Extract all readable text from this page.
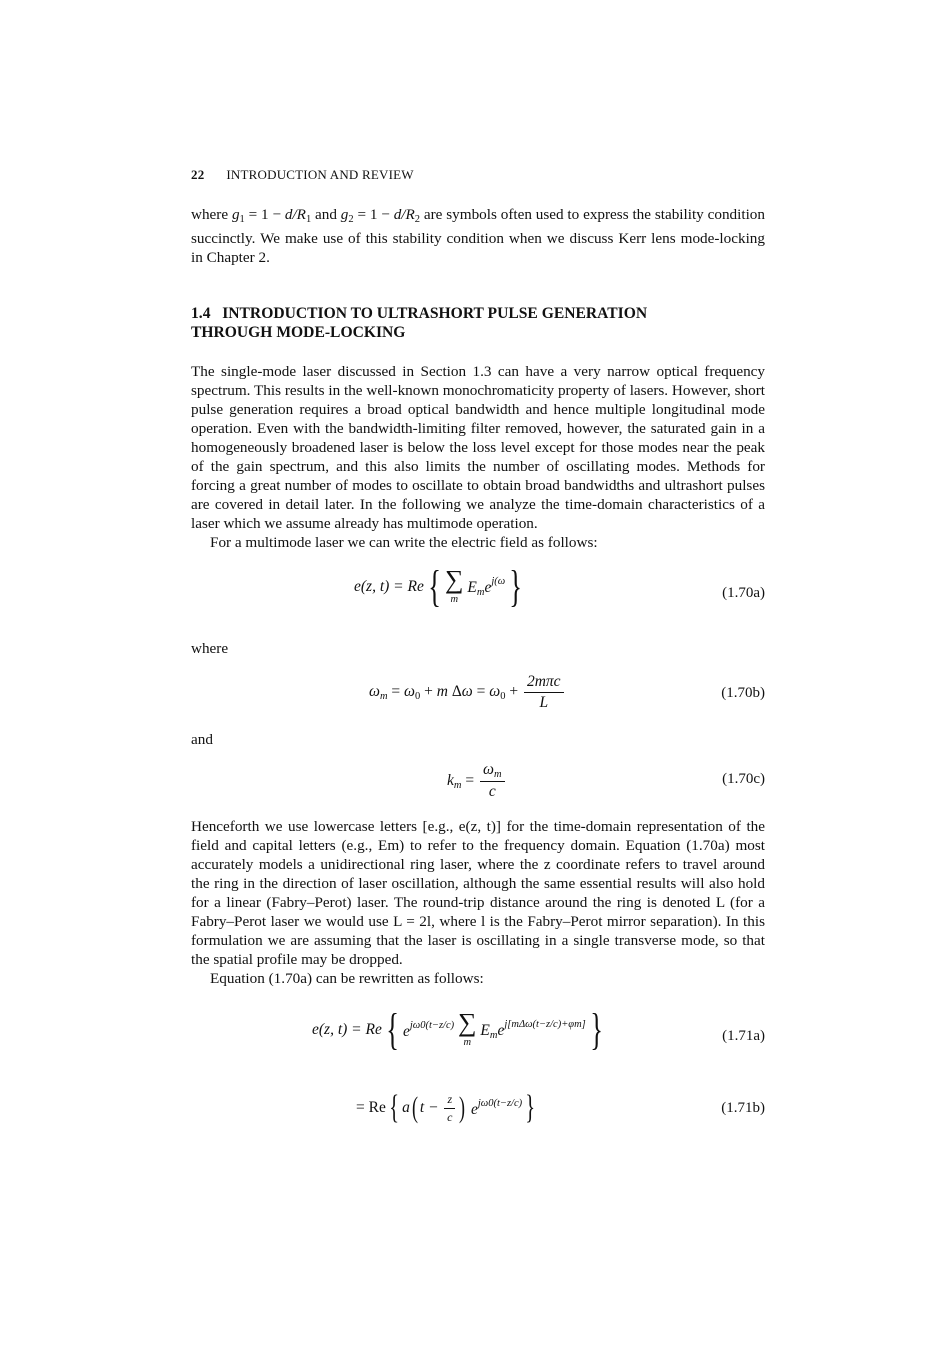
22 INTRODUCTION AND REVIEW

where $g_1 = 1 - d/R_1$ and $g_2 = 1 - d/R_2$ are symbols often used to express the stability condition succinctly. We make use of this stability condition when we discuss Kerr lens mode-locking in Chapter 2.

1.4 INTRODUCTION TO ULTRASHORT PULSE GENERATION
THROUGH MODE-LOCKING

The single-mode laser discussed in Section 1.3 can have a very narrow optical frequency spectrum. This results in the well-known monochromaticity property of lasers. However, short pulse generation requires a broad optical bandwidth and hence multiple longitudinal mode operation. Even with the bandwidth-limiting filter removed, however, the saturated gain in a homogeneously broadened laser is below the loss level except for those modes near the peak of the gain spectrum, and this also limits the number of oscillating modes. Methods for forcing a great number of modes to oscillate to obtain broad bandwidths and ultrashort pulses are covered in detail later. In the following we analyze the time-domain characteristics of a laser which we assume already has multimode operation.

For a multimode laser we can write the electric field as follows:

e(z, t) = Re{ ∑
m
$E_me^{j(\omega}$}	(1.70a)
where
$\omega_m = \omega_0 + m$ $\Delta\omega = \omega_0 + \frac{\text{2mπc}}{L}$	(1.70b)
and
$k_m = \frac{\omega_m}{c}$	(1.70c)

Henceforth we use lowercase letters [e.g., e(z, t)] for the time-domain representation of the field and capital letters (e.g., Em) to refer to the frequency domain. Equation (1.70a) most accurately models a unidirectional ring laser, where the z coordinate refers to travel around the ring in the direction of laser oscillation, although the same essential results will also hold for a linear (Fabry–Perot) laser. The round-trip distance around the ring is denoted L (for a Fabry–Perot laser we would use L = 2l, where l is the Fabry–Perot mirror separation). In this formulation we are assuming that the laser is oscillating in a single transverse mode, so that the spatial profile may be dropped.

Equation (1.70a) can be rewritten as follows:

e(z, t) = Re{ $e^{j\omega 0(t-z/c)}$ ∑
m
$E_me^{j[m\Delta\omega(t-z/c)+\varphi m]}$}	(1.71a)
= Re{ a( $t - \frac{z}{c}$ ) $e^{j\omega 0(t-z/c)}$}	(1.71b)
